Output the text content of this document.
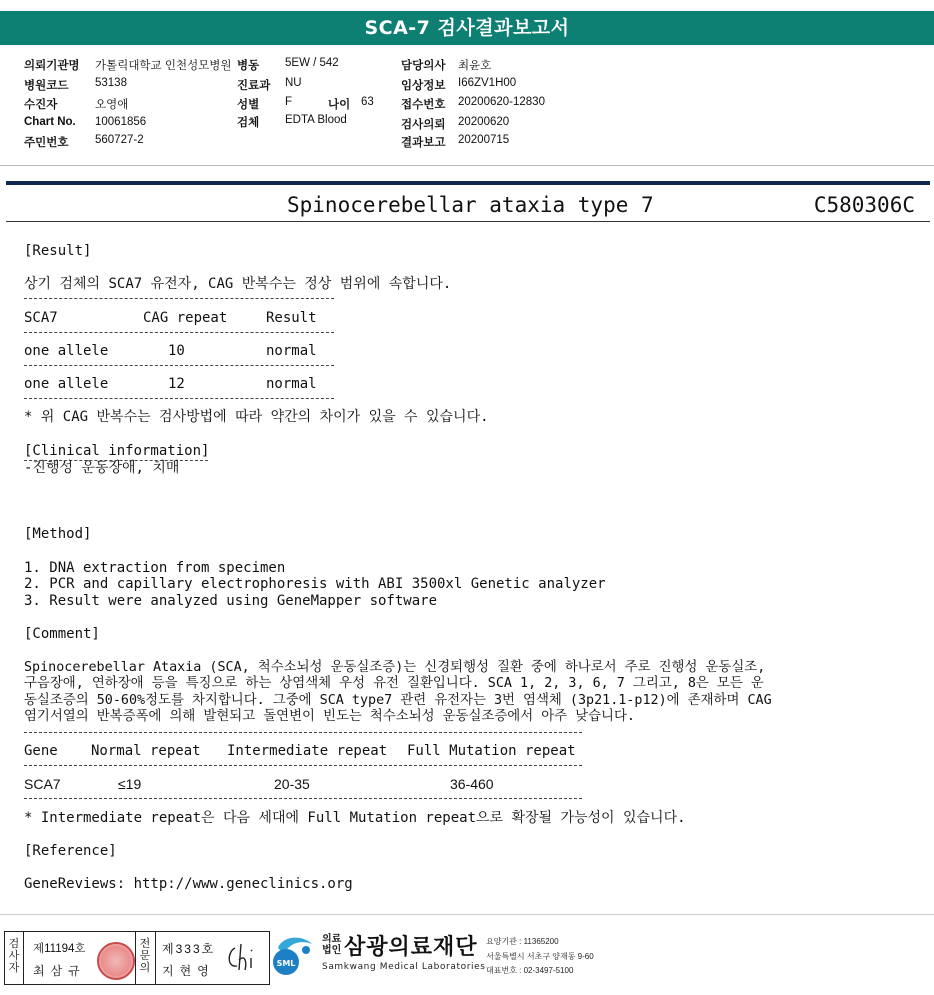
SCA-7 검사결과보고서
의뢰기관명 가톨릭대학교 인천성모병원 병동 5EW / 542	담당의사 최윤호
병원코드 53138	진료과 NU	임상정보 I66ZV1H00
수진자	오영애	성별 F	나이 63 접수번호 20200620-12830
Chart No. 10061856	검체 EDTA Blood	검사의뢰 20200620
주민번호 560727-2	결과보고 20200715
Spinocerebellar ataxia type 7	C580306C
[Result]
상기 검체의 SCA7 유전자, CAG 반복수는 정상 범위에 속합니다.
SCA7	CAG repeat	Result
one allele	10	normal
one allele	12	normal
* 위 CAG 반복수는 검사방법에 따라 약간의 차이가 있을 수 있습니다.
[Clinical information]
-진행성 운동장애, 치매
[Method]
1. DNA extraction from specimen
2. PCR and capillary electrophoresis with ABI 3500xl Genetic analyzer
3. Result were analyzed using GeneMapper software
[Comment]
Spinocerebellar Ataxia (SCA, 척수소뇌성 운동실조증)는 신경퇴행성 질환 중에 하나로서 주로 진행성 운동실조,
구음장애, 연하장애 등을 특징으로 하는 상염색체 우성 유전 질환입니다. SCA 1, 2, 3, 6, 7 그리고, 8은 모든 운
동실조증의 50-60%정도를 차지합니다. 그중에 SCA type7 관련 유전자는 3번 염색체 (3p21.1-p12)에 존재하며 CAG
염기서열의 반복증폭에 의해 발현되고 돌연변이 빈도는 척수소뇌성 운동실조증에서 아주 낮습니다.
Gene Normal repeat Intermediate repeat Full Mutation repeat
SCA7	≤19	20-35	36-460
* Intermediate repeat은 다음 세대에 Full Mutation repeat으로 확장될 가능성이 있습니다.
[Reference]
GeneReviews: http://www.geneclinics.org
검
사
자
제11194호
최삼규
전
문
의
제333호
지현영
SML
의료
법인 삼광의료재단
Samkwang Medical Laboratories
요양기관 : 11365200
서울특별시 서초구 양재동 9-60
대표번호 : 02-3497-5100
